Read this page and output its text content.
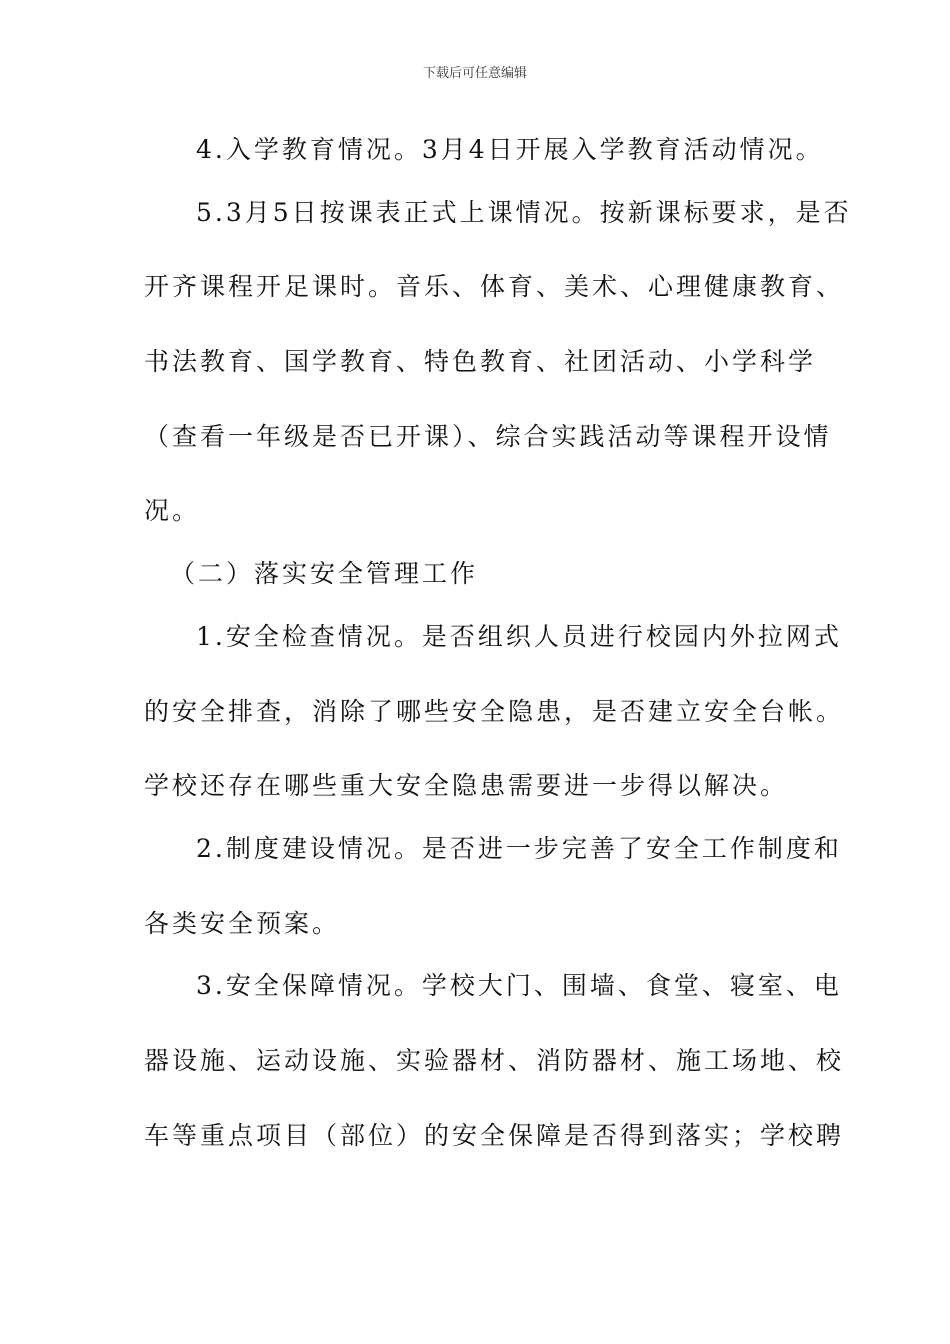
下载后可任意编辑
4.入学教育情况。3月4日开展入学教育活动情况。
5.3月5日按课表正式上课情况。按新课标要求，是否
开齐课程开足课时。音乐、体育、美术、心理健康教育、
书法教育、国学教育、特色教育、社团活动、小学科学
（查看一年级是否已开课）、综合实践活动等课程开设情
况。
（二）落实安全管理工作
1.安全检查情况。是否组织人员进行校园内外拉网式
的安全排查，消除了哪些安全隐患，是否建立安全台帐。
学校还存在哪些重大安全隐患需要进一步得以解决。
2.制度建设情况。是否进一步完善了安全工作制度和
各类安全预案。
3.安全保障情况。学校大门、围墙、食堂、寝室、电
器设施、运动设施、实验器材、消防器材、施工场地、校
车等重点项目（部位）的安全保障是否得到落实；学校聘
